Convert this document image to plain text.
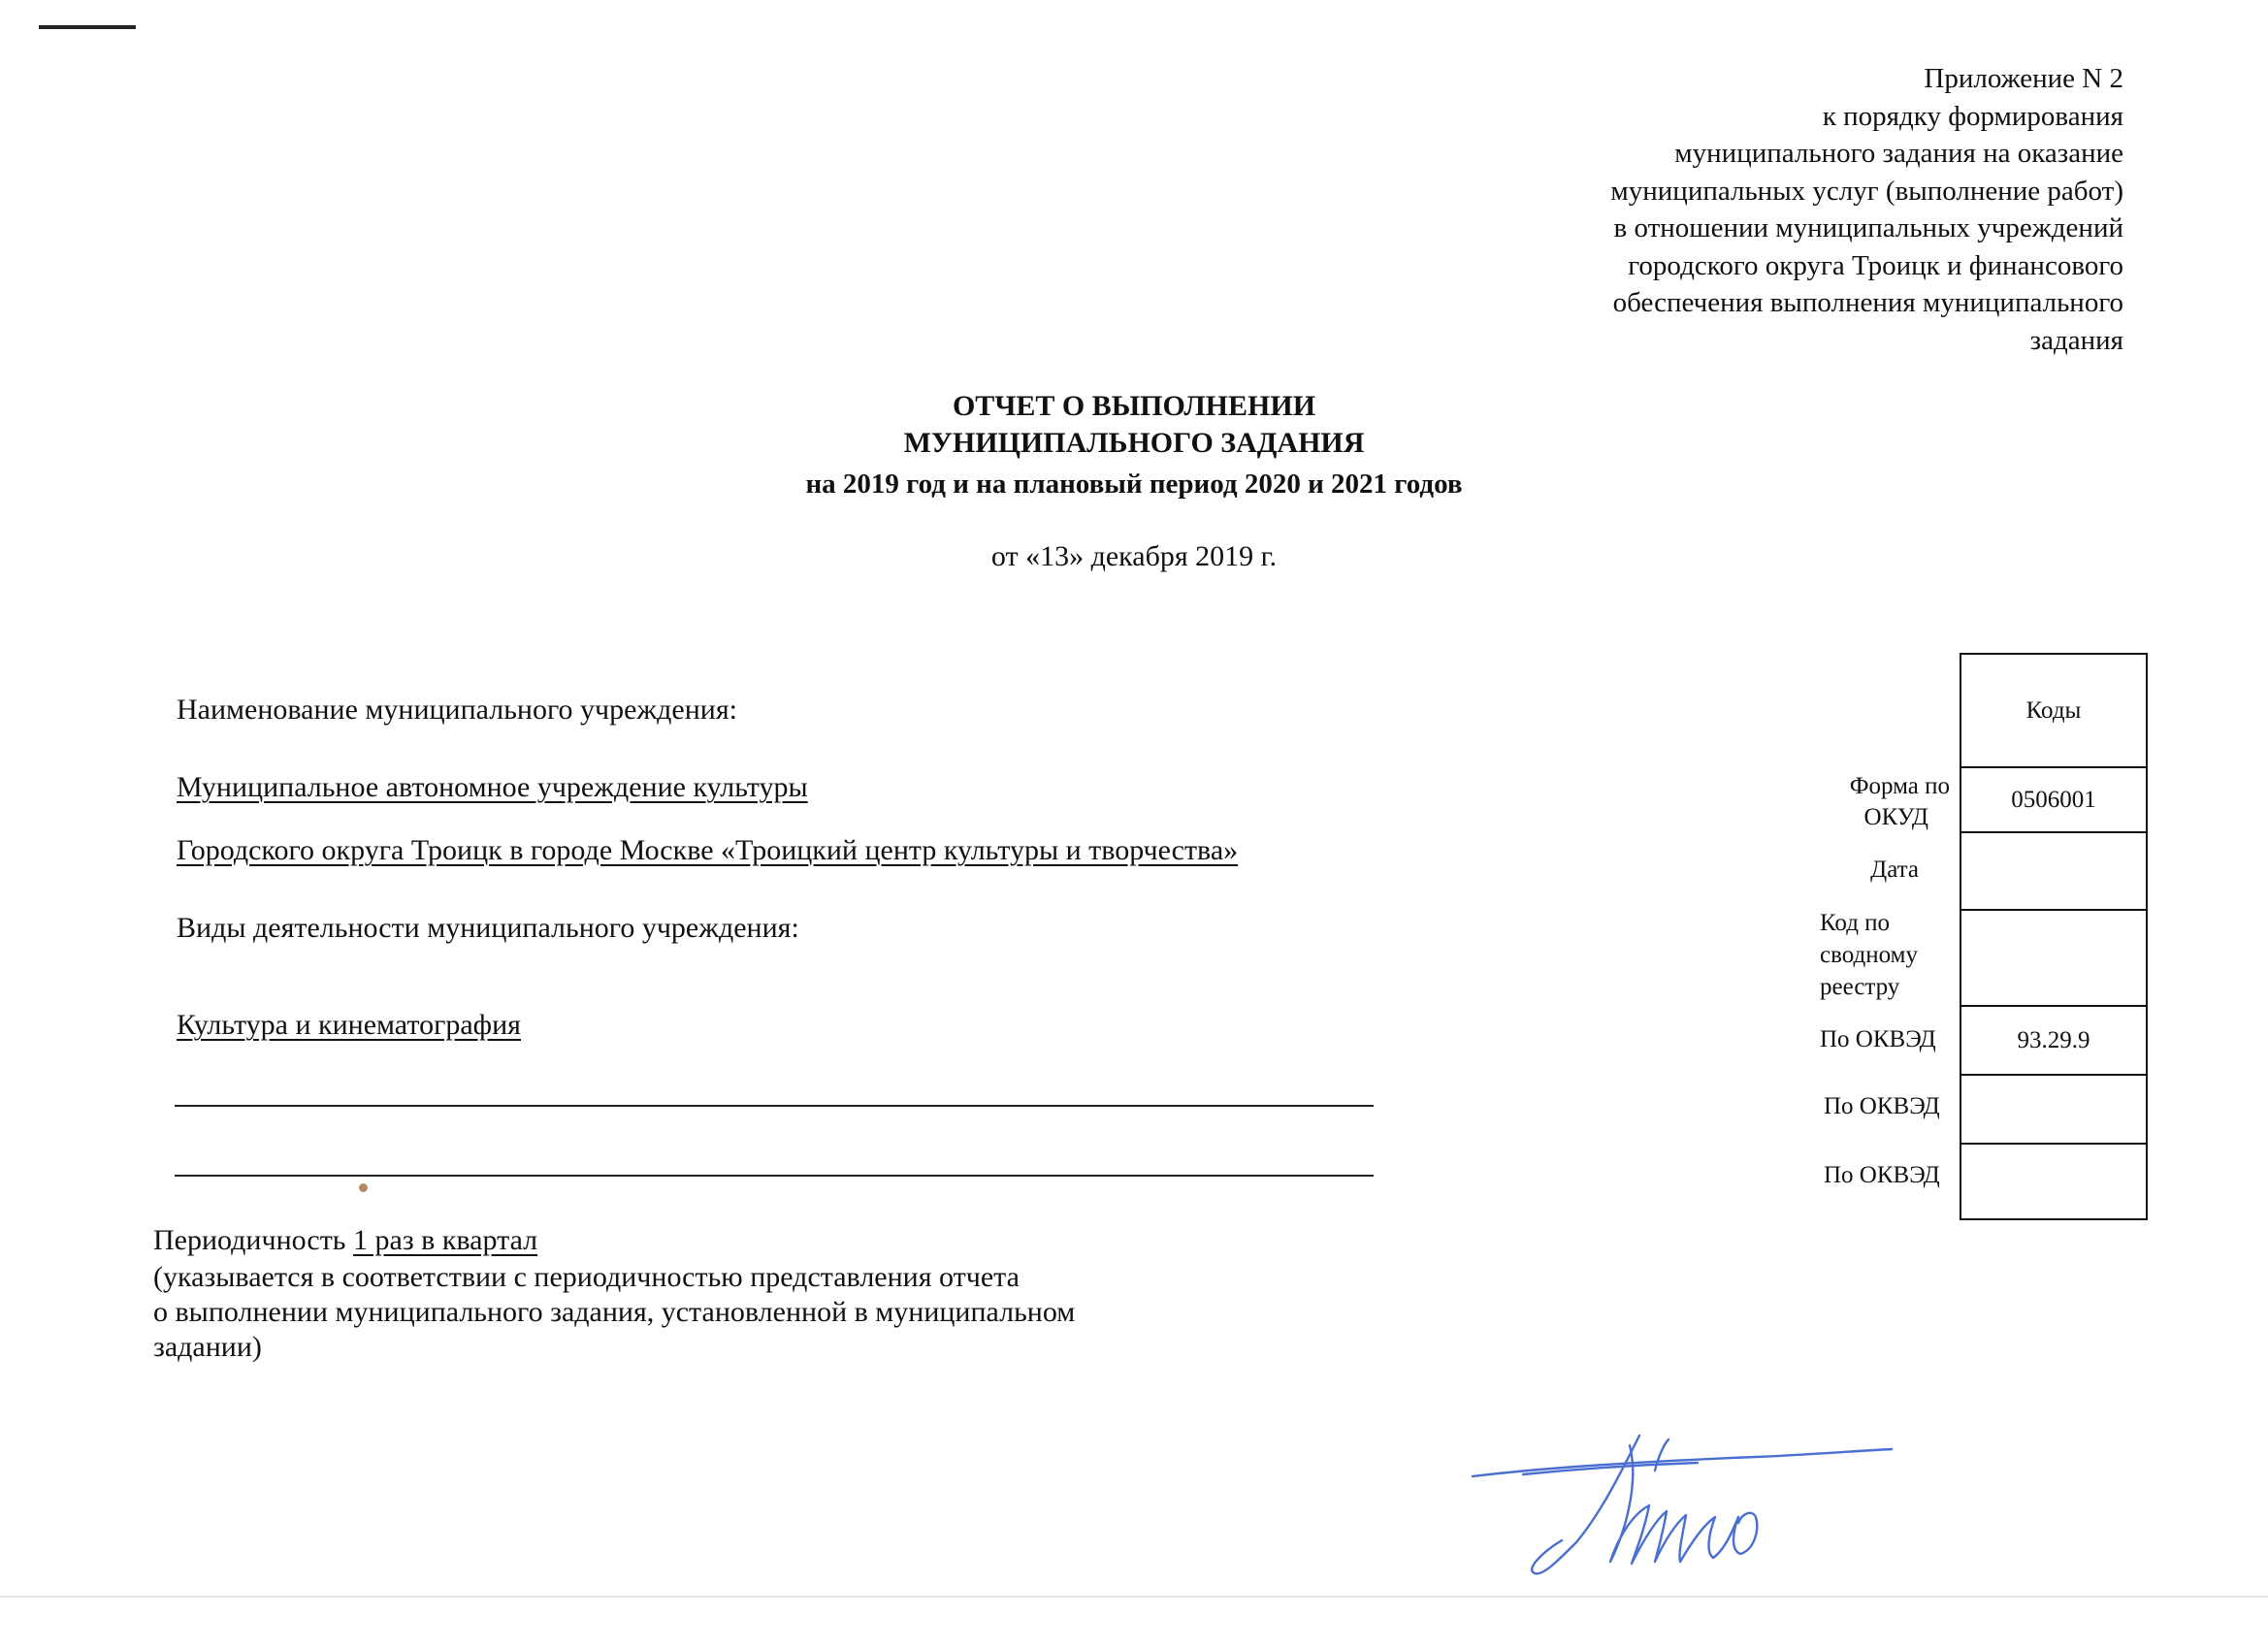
Приложение N 2
к порядку формирования
муниципального задания на оказание
муниципальных услуг (выполнение работ)
в отношении муниципальных учреждений
городского округа Троицк и финансового
обеспечения выполнения муниципального
задания
ОТЧЕТ О ВЫПОЛНЕНИИ
МУНИЦИПАЛЬНОГО ЗАДАНИЯ
на 2019 год и на плановый период 2020 и 2021 годов
от «13» декабря 2019 г.
Наименование муниципального учреждения:
Муниципальное автономное учреждение культуры
Городского округа Троицк в городе Москве «Троицкий центр культуры и творчества»
Виды деятельности муниципального учреждения:
Культура и кинематография
Периодичность 1 раз в квартал
(указывается в соответствии с периодичностью представления отчета
о выполнении муниципального задания, установленной в муниципальном
задании)
Форма по
ОКУД
Дата
Код по
сводному
реестру
По ОКВЭД
По ОКВЭД
По ОКВЭД
Коды
0506001
93.29.9
